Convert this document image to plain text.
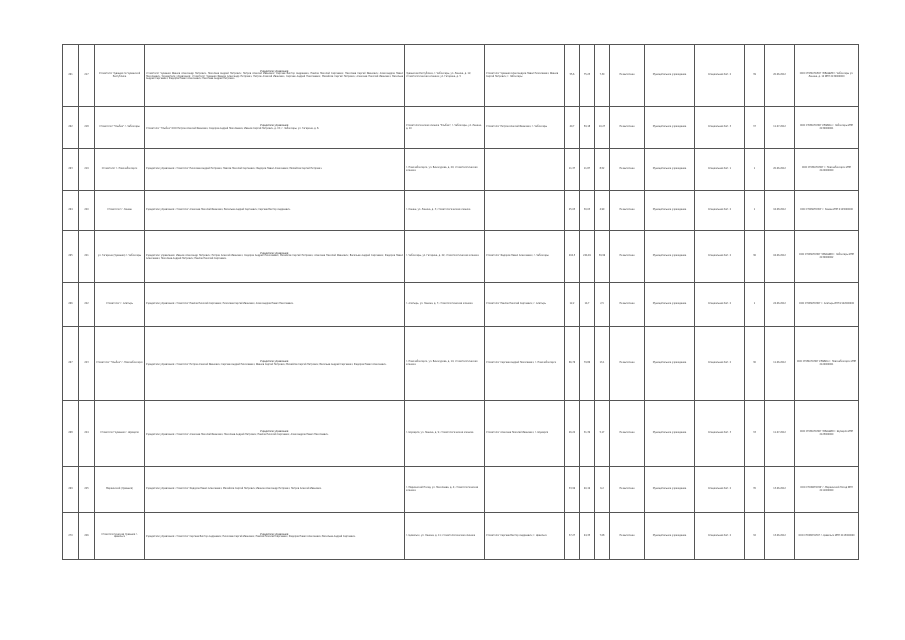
261	217	Стоматолог Чувашия по Чувашской Республике	Учредители управления:
стоматолог Чувашия Иванов Александр Петрович, Николаев Андрей Петрович; Петров Алексей Иванович; Сергеев Виктор Андреевич, Павлов Николай Сергеевич; Николаев Сергей Иванович; Александров Павел Николаевич. Учредители управления: стоматолог Чувашия Иванов Александр Петрович, Петров Алексей Иванович, Сергеев Андрей Николаевич; Михайлов Сергей Петрович; Алексеев Николай Иванович; Васильев Андрей Сергеевич; Федоров Павел Алексеевич; Николаев Андрей Петрович.	Чувашская Республика, г. Чебоксары, ул. Ленина, д. 12; стоматологическая клиника; ул. Гагарина, д. 5	Стоматолог Чувашия Александров Павел Николаевич; Иванов Сергей Петрович; г. Чебоксары	55,6	75,25	7,30	Не выполнен	Муниципальное учреждение	Специальная Кат. 2	39	20.06.2012	ООО СТОМАТОЛОГ ЧУВАШИЯ г. Чебоксары ул. Ленина, д. 12 ИНН 2130000000
262	218	Стоматолог "Улыбка" г. Чебоксары	Учредители управления:
Стоматолог "Улыбка" ООО Петров Алексей Иванович; Сидоров Андрей Николаевич; Иванов Сергей Петрович, д. 15; г. Чебоксары, ул. Гагарина, д. 8.	Стоматологическая клиника "Улыбка"; г. Чебоксары, ул. Ленина, д. 10	Стоматолог Петров Алексей Иванович; г. Чебоксары	40,7	59,18	10,27	Не выполнен	Муниципальное учреждение	Специальная Кат. 3	37	11.07.2012	ООО СТОМАТОЛОГ УЛЫБКА г. Чебоксары ИНН 2130000001
263	219	Стоматолог г. Новочебоксарск	Учредители управления: стоматолог Николаев Андрей Петрович; Павлов Николай Сергеевич; Федоров Павел Алексеевич; Михайлов Сергей Петрович.	г. Новочебоксарск, ул. Винокурова, д. 20; стоматологическая клиника		11,37	11,87	8,52	Не выполнен	Муниципальное учреждение	Специальная Кат. 1	1	20.06.2012	ООО СТОМАТОЛОГ г. Новочебоксарск ИНН 2124000000
264	220	Стоматолог г. Канаш	Учредители управления: стоматолог Алексеев Николай Иванович; Васильев Андрей Сергеевич; Сергеев Виктор Андреевич.	г. Канаш, ул. Ленина, д. 3; стоматологическая клиника		25,05	30,03	4,99	Не выполнен	Муниципальное учреждение	Специальная Кат. 2	1	16.08.2012	ООО СТОМАТОЛОГ г. Канаш ИНН 2123000000
265	221	ул. Гагарина (Чувашия) г. Чебоксары	Учредители управления:
Учредители управления: Иванов Александр Петрович; Петров Алексей Иванович; Сидоров Андрей Николаевич; Михайлов Сергей Петрович; Алексеев Николай Иванович; Васильев Андрей Сергеевич; Федоров Павел Алексеевич; Николаев Андрей Петрович; Павлов Николай Сергеевич.	г. Чебоксары, ул. Гагарина, д. 22; стоматологическая клиника	Стоматолог Федоров Павел Алексеевич; г. Чебоксары	204,5	244,49	39,99	Не выполнен	Муниципальное учреждение	Специальная Кат. 2	36	04.06.2012	ООО СТОМАТОЛОГ ЧУВАШИЯ г. Чебоксары ИНН 2130000002
266	222	Стоматолог г. Алатырь	Учредители управления: стоматолог Павлов Николай Сергеевич; Николаев Сергей Иванович; Александров Павел Николаевич.	г. Алатырь, ул. Ленина, д. 7; стоматологическая клиника	Стоматолог Павлов Николай Сергеевич; г. Алатырь	12,2	14,7	2,5	Не выполнен	Муниципальное учреждение	Специальная Кат. 2	1	24.06.2012	ООО СТОМАТОЛОГ г. Алатырь ИНН 2122000000
267	223	Стоматолог "Улыбка" г. Новочебоксарск	Учредители управления:
Учредители управления: стоматолог Петров Алексей Иванович; Сергеев Андрей Николаевич; Иванов Сергей Петрович; Михайлов Сергей Петрович; Васильев Андрей Сергеевич; Федоров Павел Алексеевич.	г. Новочебоксарск, ул. Винокурова, д. 14; стоматологическая клиника	Стоматолог Сергеев Андрей Николаевич; г. Новочебоксарск	66,76	79,86	13,1	Не выполнен	Муниципальное учреждение	Специальная Кат. 2	30	11.06.2012	ООО СТОМАТОЛОГ УЛЫБКА г. Новочебоксарск ИНН 2124000001
268	224	Стоматолог Чувашия г. Шумерля	Учредители управления:
Учредители управления: стоматолог Алексеев Николай Иванович; Николаев Андрей Петрович; Павлов Николай Сергеевич; Александров Павел Николаевич.	г. Шумерля, ул. Ленина, д. 9; стоматологическая клиника	Стоматолог Алексеев Николай Иванович; г. Шумерля	26,22	31,39	5,17	Не выполнен	Муниципальное учреждение	Специальная Кат. 3	33	11.07.2012	ООО СТОМАТОЛОГ ЧУВАШИЯ г. Шумерля ИНН 2125000000
269	225	Мариинский (Чувашия)	Учредители управления: стоматолог Федоров Павел Алексеевич; Михайлов Сергей Петрович; Иванов Александр Петрович; Петров Алексей Иванович.	г. Мариинский Посад, ул. Николаева, д. 4; стоматологическая клиника		33,99	40,19	6,2	Не выполнен	Муниципальное учреждение	Специальная Кат. 2	35	13.06.2012	ООО СТОМАТОЛОГ г. Мариинский Посад ИНН 2111000000
270	226	Стоматологическая Чувашия г. Цивильск	Учредители управления:
Учредители управления: стоматолог Сергеев Виктор Андреевич; Николаев Сергей Иванович; Павлов Николай Сергеевич; Федоров Павел Алексеевич; Васильев Андрей Сергеевич.	г. Цивильск, ул. Ленина, д. 11; стоматологическая клиника	Стоматолог Сергеев Виктор Андреевич; г. Цивильск	37,27	44,35	7,08	Не выполнен	Муниципальное учреждение	Специальная Кат. 2	32	13.06.2012	ООО СТОМАТОЛОГ г. Цивильск ИНН 2115000000
